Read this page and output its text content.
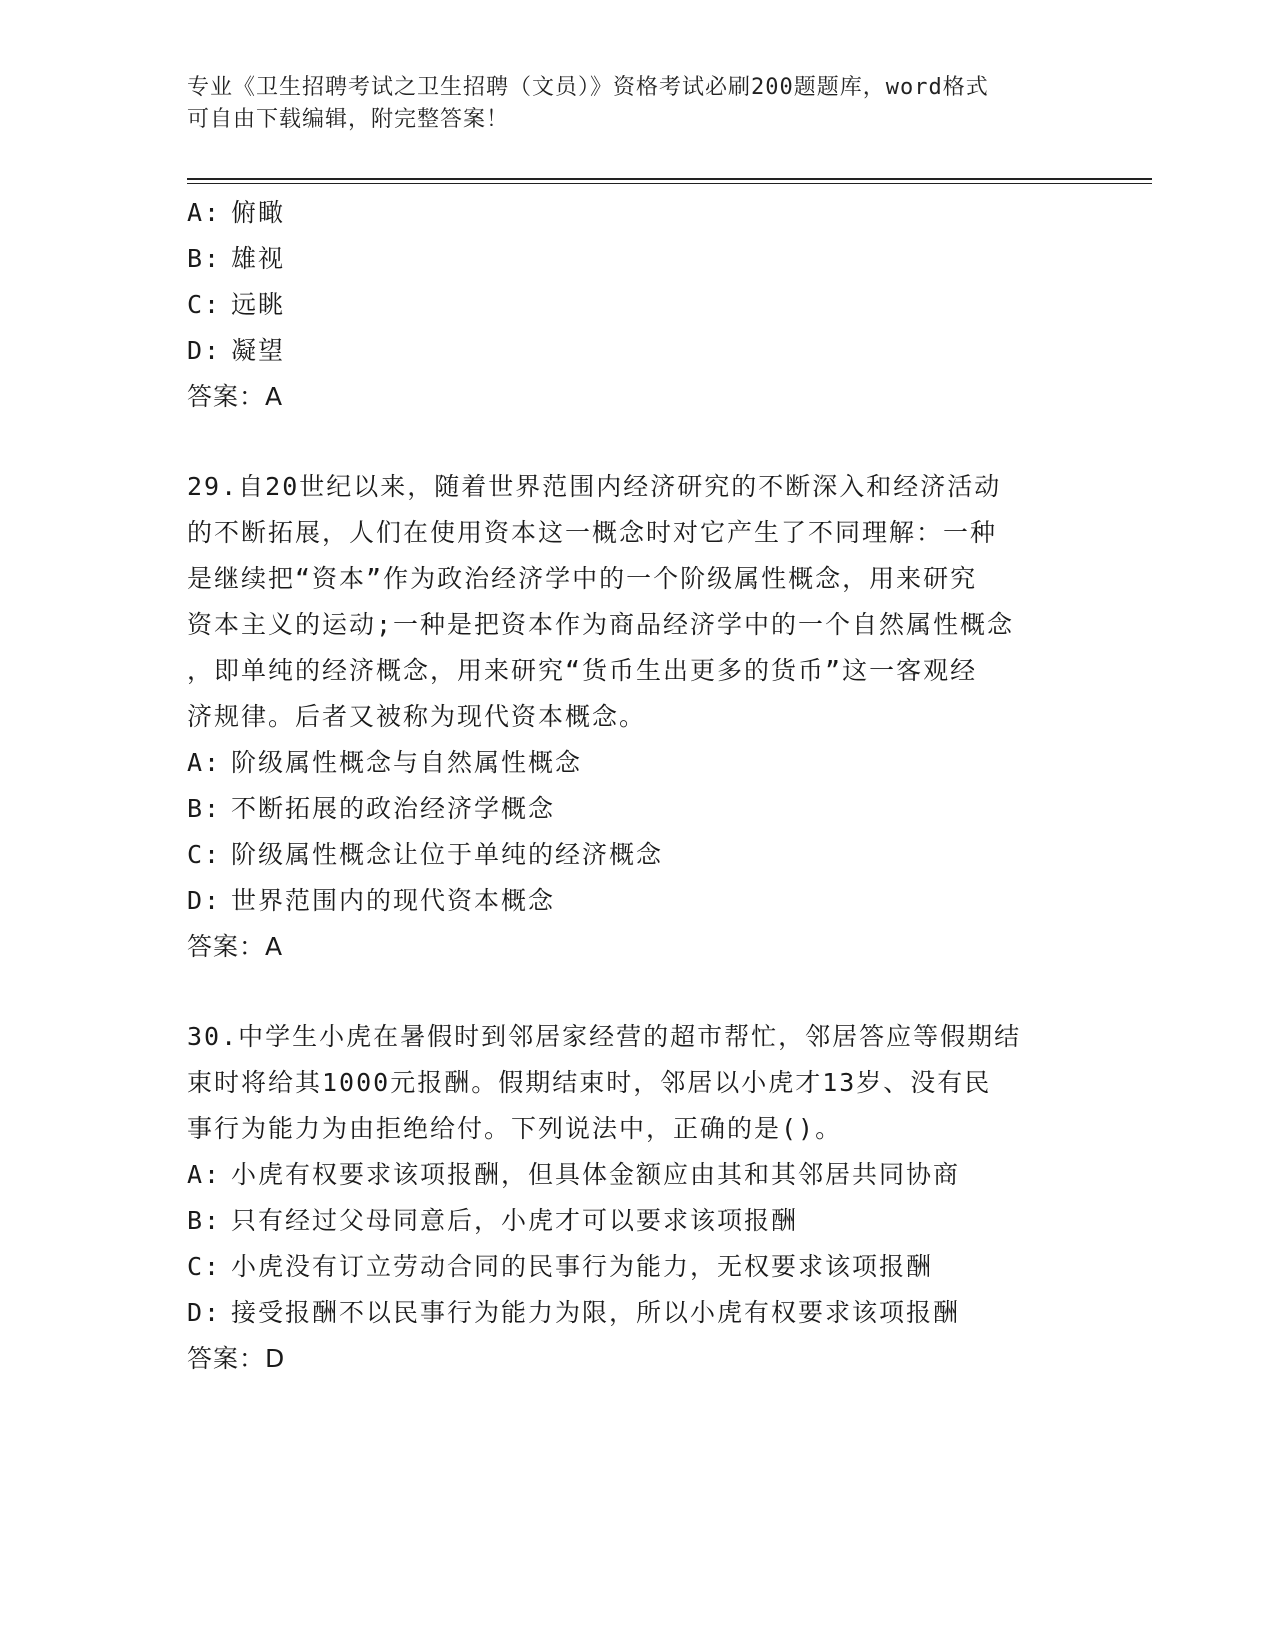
专业《卫生招聘考试之卫生招聘（文员）》资格考试必刷200题题库，word格式
可自由下载编辑，附完整答案！
A: 俯瞰
B: 雄视
C: 远眺
D: 凝望
答案：A
29.自20世纪以来，随着世界范围内经济研究的不断深入和经济活动
的不断拓展，人们在使用资本这一概念时对它产生了不同理解：一种
是继续把“资本”作为政治经济学中的一个阶级属性概念，用来研究
资本主义的运动;一种是把资本作为商品经济学中的一个自然属性概念
，即单纯的经济概念，用来研究“货币生出更多的货币”这一客观经
济规律。后者又被称为现代资本概念。
A: 阶级属性概念与自然属性概念
B: 不断拓展的政治经济学概念
C: 阶级属性概念让位于单纯的经济概念
D: 世界范围内的现代资本概念
答案：A
30.中学生小虎在暑假时到邻居家经营的超市帮忙，邻居答应等假期结
束时将给其1000元报酬。假期结束时，邻居以小虎才13岁、没有民
事行为能力为由拒绝给付。下列说法中，正确的是()。
A: 小虎有权要求该项报酬，但具体金额应由其和其邻居共同协商
B: 只有经过父母同意后，小虎才可以要求该项报酬
C: 小虎没有订立劳动合同的民事行为能力，无权要求该项报酬
D: 接受报酬不以民事行为能力为限，所以小虎有权要求该项报酬
答案：D
